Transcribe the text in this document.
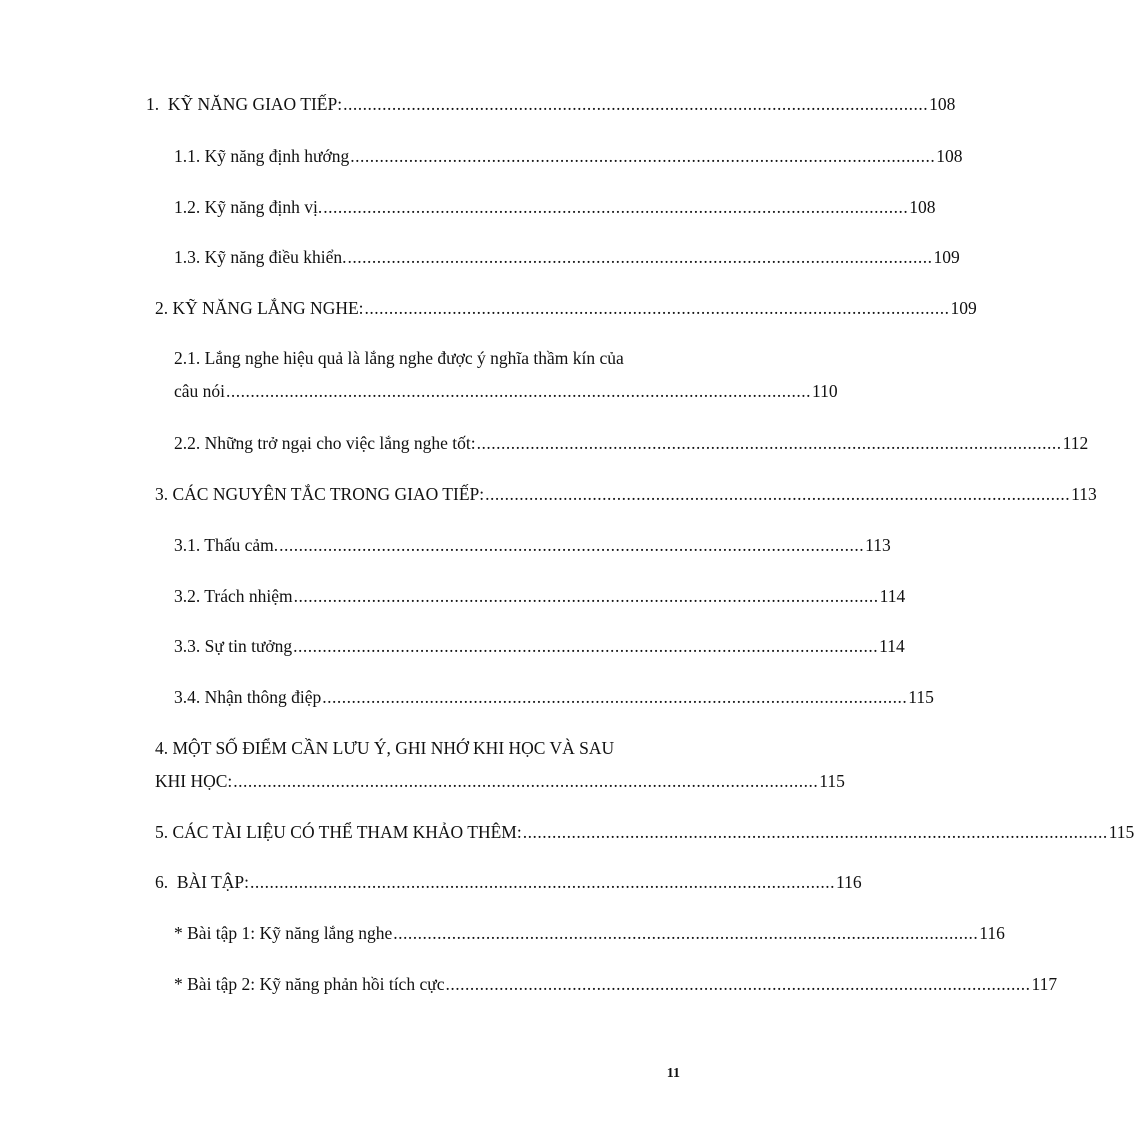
1.  KỸ NĂNG GIAO TIẾP: ........................................................................................................................ 108
1.1. Kỹ năng định hướng ........................................................................................................................ 108
1.2. Kỹ năng định vị. ........................................................................................................................ 108
1.3. Kỹ năng điều khiển. ........................................................................................................................ 109
2. KỸ NĂNG LẮNG NGHE: ........................................................................................................................ 109
2.1. Lắng nghe hiệu quả là lắng nghe được ý nghĩa thầm kín của
câu nói ........................................................................................................................ 110
2.2. Những trở ngại cho việc lắng nghe tốt: ........................................................................................................................ 112
3. CÁC NGUYÊN TẮC TRONG GIAO TIẾP: ........................................................................................................................ 113
3.1. Thấu cảm. ........................................................................................................................ 113
3.2. Trách nhiệm ........................................................................................................................ 114
3.3. Sự tin tưởng ........................................................................................................................ 114
3.4. Nhận thông điệp ........................................................................................................................ 115
4. MỘT SỐ ĐIỂM CẦN LƯU Ý, GHI NHỚ KHI HỌC VÀ SAU
KHI HỌC: ........................................................................................................................ 115
5. CÁC TÀI LIỆU CÓ THỂ THAM KHẢO THÊM: ........................................................................................................................ 115
6.  BÀI TẬP: ........................................................................................................................ 116
* Bài tập 1: Kỹ năng lắng nghe ........................................................................................................................ 116
* Bài tập 2: Kỹ năng phản hồi tích cực ........................................................................................................................ 117
11
